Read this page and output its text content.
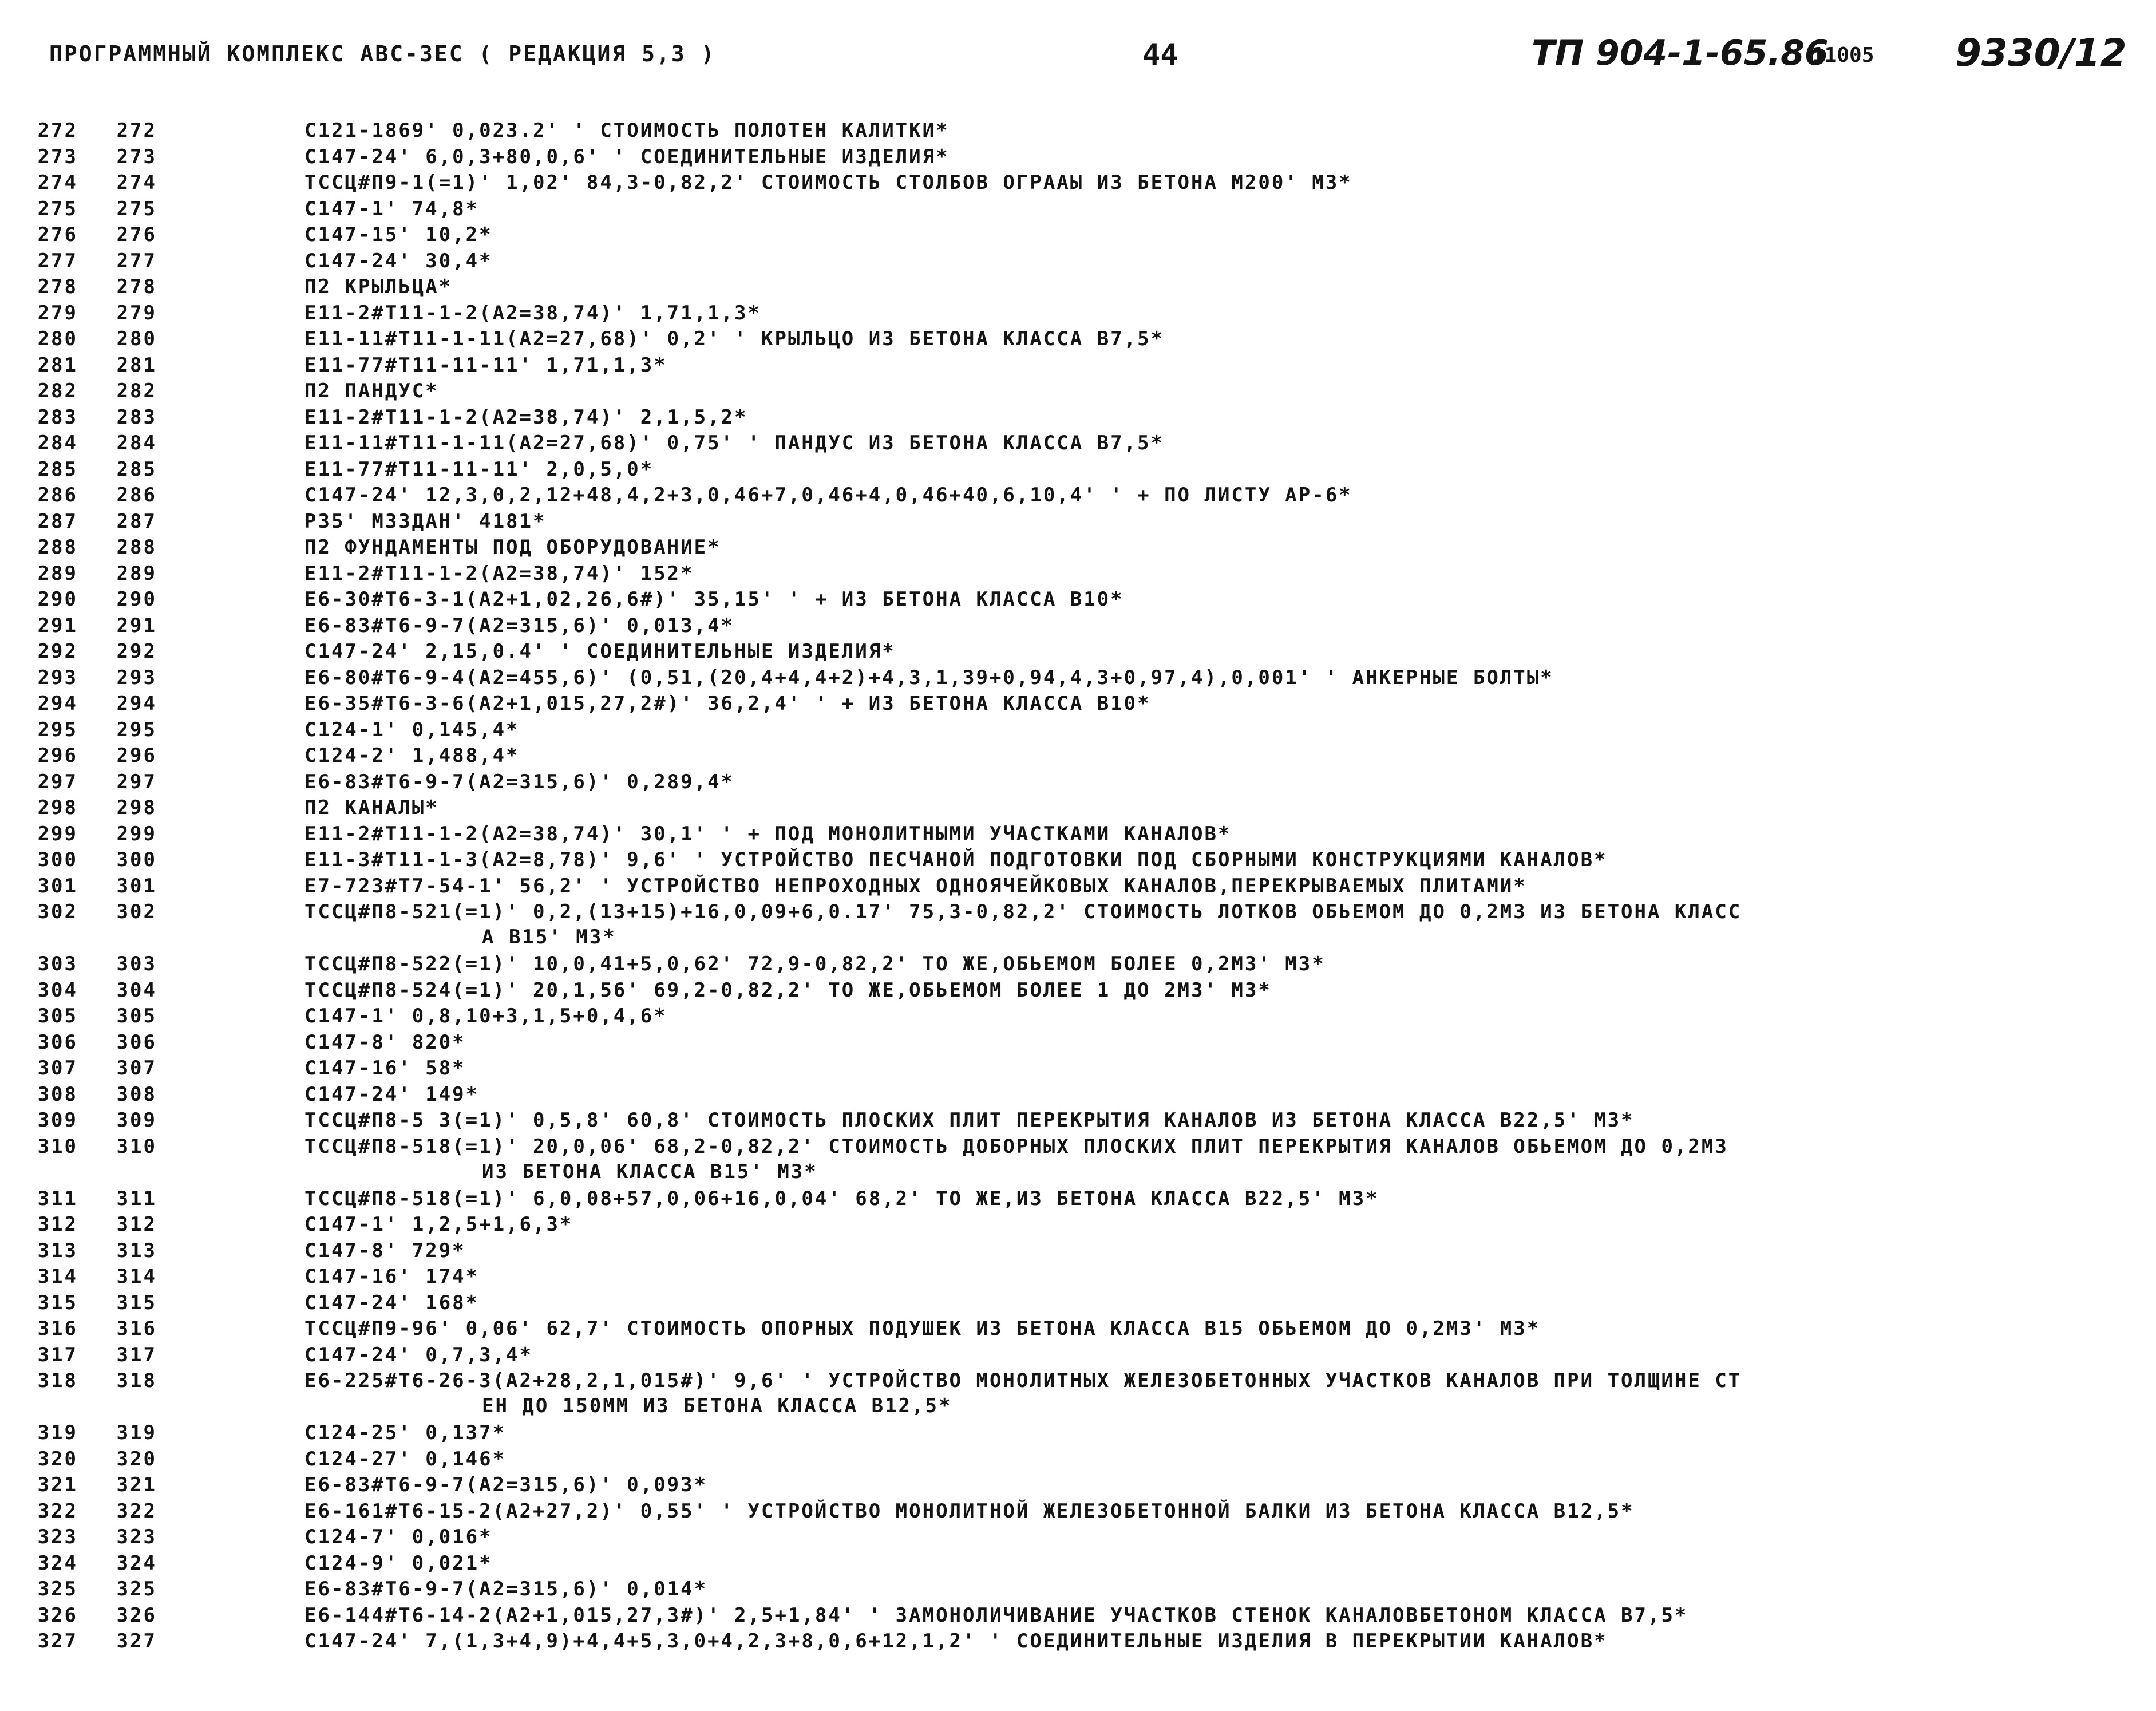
ПРОГРАММНЫЙ КОМПЛЕКС АВС-3ЕС ( РЕДАКЦИЯ 5,3 )	44	ТП 904-1-65.86
11005 9330/12
272	272	С121-1869' 0,023.2' ' СТОИМОСТЬ ПОЛОТЕН КАЛИТКИ*
273	273	С147-24' 6,0,3+80,0,6' ' СОЕДИНИТЕЛЬНЫЕ ИЗДЕЛИЯ*
274	274	ТССЦ#П9-1(=1)' 1,02' 84,3-0,82,2' СТОИМОСТЬ СТОЛБОВ ОГРААЫ ИЗ БЕТОНА М200' М3*
275	275	С147-1' 74,8*
276	276	С147-15' 10,2*
277	277	С147-24' 30,4*
278	278	П2 КРЫЛЬЦА*
279	279	Е11-2#Т11-1-2(А2=38,74)' 1,71,1,3*
280	280	Е11-11#Т11-1-11(А2=27,68)' 0,2' ' КРЫЛЬЦО ИЗ БЕТОНА КЛАССА В7,5*
281	281	Е11-77#Т11-11-11' 1,71,1,3*
282	282	П2 ПАНДУС*
283	283	Е11-2#Т11-1-2(А2=38,74)' 2,1,5,2*
284	284	Е11-11#Т11-1-11(А2=27,68)' 0,75' ' ПАНДУС ИЗ БЕТОНА КЛАССА В7,5*
285	285	Е11-77#Т11-11-11' 2,0,5,0*
286	286	С147-24' 12,3,0,2,12+48,4,2+3,0,46+7,0,46+4,0,46+40,6,10,4' ' + ПО ЛИСТУ АР-6*
287	287	Р35' М3ЗДАН' 4181*
288	288	П2 ФУНДАМЕНТЫ ПОД ОБОРУДОВАНИЕ*
289	289	Е11-2#Т11-1-2(А2=38,74)' 152*
290	290	Е6-30#Т6-3-1(А2+1,02,26,6#)' 35,15' ' + ИЗ БЕТОНА КЛАССА В10*
291	291	Е6-83#Т6-9-7(А2=315,6)' 0,013,4*
292	292	С147-24' 2,15,0.4' ' СОЕДИНИТЕЛЬНЫЕ ИЗДЕЛИЯ*
293	293	Е6-80#Т6-9-4(А2=455,6)' (0,51,(20,4+4,4+2)+4,3,1,39+0,94,4,3+0,97,4),0,001' ' АНКЕРНЫЕ БОЛТЫ*
294	294	Е6-35#Т6-3-6(А2+1,015,27,2#)' 36,2,4' ' + ИЗ БЕТОНА КЛАССА В10*
295	295	С124-1' 0,145,4*
296	296	С124-2' 1,488,4*
297	297	Е6-83#Т6-9-7(А2=315,6)' 0,289,4*
298	298	П2 КАНАЛЫ*
299	299	Е11-2#Т11-1-2(А2=38,74)' 30,1' ' + ПОД МОНОЛИТНЫМИ УЧАСТКАМИ КАНАЛОВ*
300	300	Е11-3#Т11-1-3(А2=8,78)' 9,6' ' УСТРОЙСТВО ПЕСЧАНОЙ ПОДГОТОВКИ ПОД СБОРНЫМИ КОНСТРУКЦИЯМИ КАНАЛОВ*
301	301	Е7-723#Т7-54-1' 56,2' ' УСТРОЙСТВО НЕПРОХОДНЫХ ОДНОЯЧЕЙКОВЫХ КАНАЛОВ,ПЕРЕКРЫВАЕМЫХ ПЛИТАМИ*
302	302	ТССЦ#П8-521(=1)' 0,2,(13+15)+16,0,09+6,0.17' 75,3-0,82,2' СТОИМОСТЬ ЛОТКОВ ОБЬЕМОМ ДО 0,2М3 ИЗ БЕТОНА КЛАСС
А В15' М3*
303	303	ТССЦ#П8-522(=1)' 10,0,41+5,0,62' 72,9-0,82,2' ТО ЖЕ,ОБЬЕМОМ БОЛЕЕ 0,2М3' М3*
304	304	ТССЦ#П8-524(=1)' 20,1,56' 69,2-0,82,2' ТО ЖЕ,ОБЬЕМОМ БОЛЕЕ 1 ДО 2М3' М3*
305	305	С147-1' 0,8,10+3,1,5+0,4,6*
306	306	С147-8' 820*
307	307	С147-16' 58*
308	308	С147-24' 149*
309	309	ТССЦ#П8-5 3(=1)' 0,5,8' 60,8' СТОИМОСТЬ ПЛОСКИХ ПЛИТ ПЕРЕКРЫТИЯ КАНАЛОВ ИЗ БЕТОНА КЛАССА В22,5' М3*
310	310	ТССЦ#П8-518(=1)' 20,0,06' 68,2-0,82,2' СТОИМОСТЬ ДОБОРНЫХ ПЛОСКИХ ПЛИТ ПЕРЕКРЫТИЯ КАНАЛОВ ОБЬЕМОМ ДО 0,2М3
ИЗ БЕТОНА КЛАССА В15' М3*
311	311	ТССЦ#П8-518(=1)' 6,0,08+57,0,06+16,0,04' 68,2' ТО ЖЕ,ИЗ БЕТОНА КЛАССА В22,5' М3*
312	312	С147-1' 1,2,5+1,6,3*
313	313	С147-8' 729*
314	314	С147-16' 174*
315	315	С147-24' 168*
316	316	ТССЦ#П9-96' 0,06' 62,7' СТОИМОСТЬ ОПОРНЫХ ПОДУШЕК ИЗ БЕТОНА КЛАССА В15 ОБЬЕМОМ ДО 0,2М3' М3*
317	317	С147-24' 0,7,3,4*
318	318	Е6-225#Т6-26-3(А2+28,2,1,015#)' 9,6' ' УСТРОЙСТВО МОНОЛИТНЫХ ЖЕЛЕЗОБЕТОННЫХ УЧАСТКОВ КАНАЛОВ ПРИ ТОЛЩИНЕ СТ
ЕН ДО 150ММ ИЗ БЕТОНА КЛАССА В12,5*
319	319	С124-25' 0,137*
320	320	С124-27' 0,146*
321	321	Е6-83#Т6-9-7(А2=315,6)' 0,093*
322	322	Е6-161#Т6-15-2(А2+27,2)' 0,55' ' УСТРОЙСТВО МОНОЛИТНОЙ ЖЕЛЕЗОБЕТОННОЙ БАЛКИ ИЗ БЕТОНА КЛАССА В12,5*
323	323	С124-7' 0,016*
324	324	С124-9' 0,021*
325	325	Е6-83#Т6-9-7(А2=315,6)' 0,014*
326	326	Е6-144#Т6-14-2(А2+1,015,27,3#)' 2,5+1,84' ' ЗАМОНОЛИЧИВАНИЕ УЧАСТКОВ СТЕНОК КАНАЛОВБЕТОНОМ КЛАССА В7,5*
327	327	С147-24' 7,(1,3+4,9)+4,4+5,3,0+4,2,3+8,0,6+12,1,2' ' СОЕДИНИТЕЛЬНЫЕ ИЗДЕЛИЯ В ПЕРЕКРЫТИИ КАНАЛОВ*
